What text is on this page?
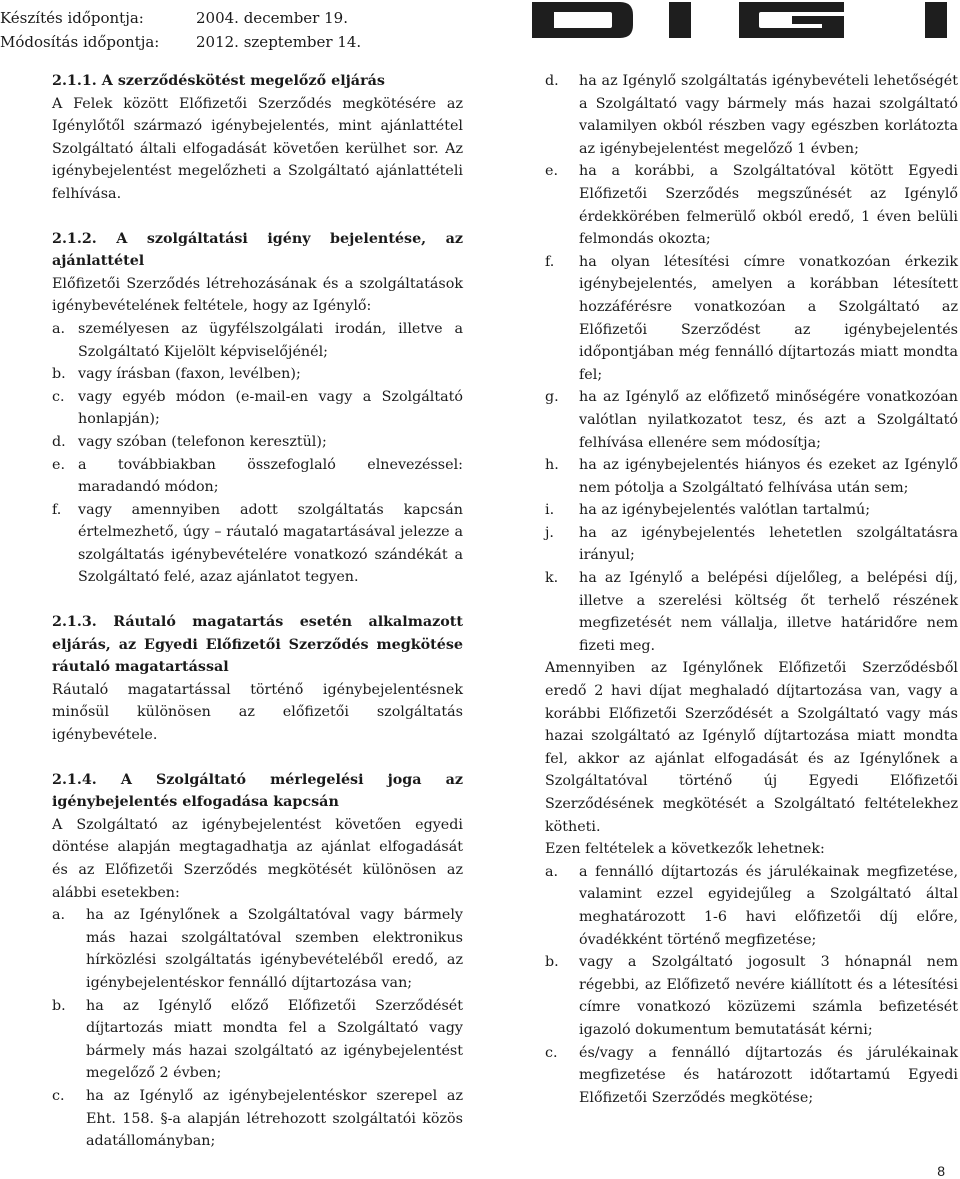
Készítés időpontja:	2004. december 19.
Módosítás időpontja: 2012. szeptember 14.

2.1.1. A szerződéskötést megelőző eljárás

A Felek között Előfizetői Szerződés megkötésére az Igénylőtől származó igénybejelentés, mint ajánlattétel Szolgáltató általi elfogadását követően kerülhet sor. Az igénybejelentést megelőzheti a Szolgáltató ajánlattételi felhívása.

2.1.2. A szolgáltatási igény bejelentése, az ajánlattétel

Előfizetői Szerződés létrehozásának és a szolgáltatások igénybevételének feltétele, hogy az Igénylő:

a. személyesen az ügyfélszolgálati irodán, illetve a Szolgáltató Kijelölt képviselőjénél;
b. vagy írásban (faxon, levélben);
c. vagy egyéb módon (e-mail-en vagy a Szolgáltató honlapján);
d. vagy szóban (telefonon keresztül);
e. a továbbiakban összefoglaló elnevezéssel: maradandó módon;
f.	vagy amennyiben adott szolgáltatás kapcsán értelmezhető, úgy – ráutaló magatartásával jelezze a szolgáltatás igénybevételére vonatkozó szándékát a Szolgáltató felé, azaz ajánlatot tegyen.

2.1.3. Ráutaló magatartás esetén alkalmazott eljárás, az Egyedi Előfizetői Szerződés megkötése ráutaló magatartással

Ráutaló magatartással történő igénybejelentésnek minősül különösen az előfizetői szolgáltatás igénybevétele.

2.1.4. A Szolgáltató mérlegelési joga az igénybejelentés elfogadása kapcsán

A Szolgáltató az igénybejelentést követően egyedi döntése alapján megtagadhatja az ajánlat elfogadását és az Előfizetői Szerződés megkötését különösen az alábbi esetekben:

a.	ha az Igénylőnek a Szolgáltatóval vagy bármely más hazai szolgáltatóval szemben elektronikus hírközlési szolgáltatás igénybevételéből eredő, az igénybejelentéskor fennálló díjtartozása van;
b.	ha az Igénylő előző Előfizetői Szerződését díjtartozás miatt mondta fel a Szolgáltató vagy bármely más hazai szolgáltató az igénybejelentést megelőző 2 évben;
c.	ha az Igénylő az igénybejelentéskor szerepel az Eht. 158. §-a alapján létrehozott szolgáltatói közös adatállományban;
d.	ha az Igénylő szolgáltatás igénybevételi lehetőségét a Szolgáltató vagy bármely más hazai szolgáltató valamilyen okból részben vagy egészben korlátozta az igénybejelentést megelőző 1 évben;
e.	ha a korábbi, a Szolgáltatóval kötött Egyedi Előfizetői Szerződés megszűnését az Igénylő érdekkörében felmerülő okból eredő, 1 éven belüli felmondás okozta;
f.	ha olyan létesítési címre vonatkozóan érkezik igénybejelentés, amelyen a korábban létesített hozzáférésre vonatkozóan a Szolgáltató az Előfizetői Szerződést az igénybejelentés időpontjában még fennálló díjtartozás miatt mondta fel;
g.	ha az Igénylő az előfizető minőségére vonatkozóan valótlan nyilatkozatot tesz, és azt a Szolgáltató felhívása ellenére sem módosítja;
h.	ha az igénybejelentés hiányos és ezeket az Igénylő nem pótolja a Szolgáltató felhívása után sem;
i.	ha az igénybejelentés valótlan tartalmú;
j.	ha az igénybejelentés lehetetlen szolgáltatásra irányul;
k.	ha az Igénylő a belépési díjelőleg, a belépési díj, illetve a szerelési költség őt terhelő részének megfizetését nem vállalja, illetve határidőre nem fizeti meg.

Amennyiben az Igénylőnek Előfizetői Szerződésből eredő 2 havi díjat meghaladó díjtartozása van, vagy a korábbi Előfizetői Szerződését a Szolgáltató vagy más hazai szolgáltató az Igénylő díjtartozása miatt mondta fel, akkor az ajánlat elfogadását és az Igénylőnek a Szolgáltatóval történő új Egyedi Előfizetői Szerződésének megkötését a Szolgáltató feltételekhez kötheti.

Ezen feltételek a következők lehetnek:

a.	a fennálló díjtartozás és járulékainak megfizetése, valamint ezzel egyidejűleg a Szolgáltató által meghatározott 1-6 havi előfizetői díj előre, óvadékként történő megfizetése;
b.	vagy a Szolgáltató jogosult 3 hónapnál nem régebbi, az Előfizető nevére kiállított és a létesítési címre vonatkozó közüzemi számla befizetését igazoló dokumentum bemutatását kérni;
c.	és/vagy a fennálló díjtartozás és járulékainak megfizetése és határozott időtartamú Egyedi Előfizetői Szerződés megkötése;
8
